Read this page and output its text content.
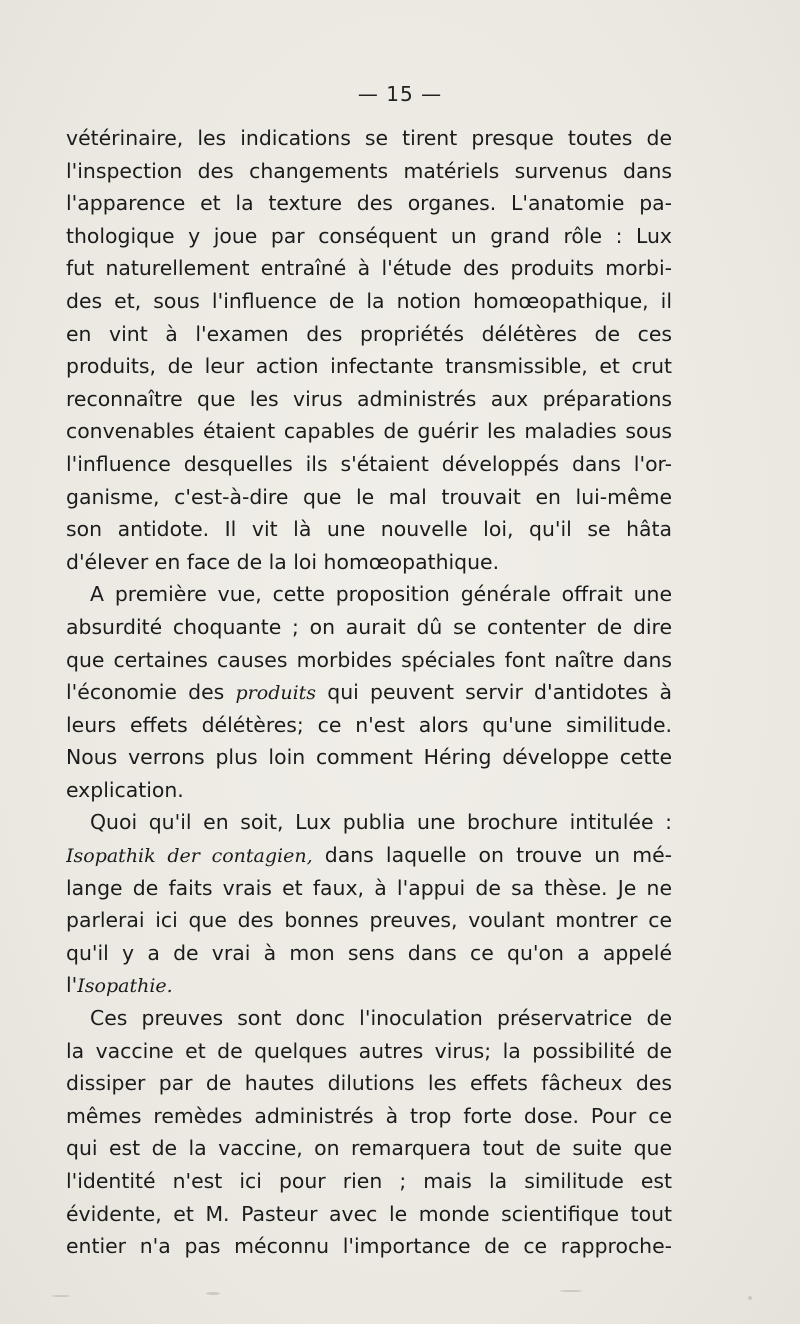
— 15 —
vétérinaire, les indications se tirent presque toutes de
l'inspection des changements matériels survenus dans
l'apparence et la texture des organes. L'anatomie pa-
thologique y joue par conséquent un grand rôle : Lux
fut naturellement entraîné à l'étude des produits morbi-
des et, sous l'influence de la notion homœopathique, il
en vint à l'examen des propriétés délétères de ces
produits, de leur action infectante transmissible, et crut
reconnaître que les virus administrés aux préparations
convenables étaient capables de guérir les maladies sous
l'influence desquelles ils s'étaient développés dans l'or-
ganisme, c'est-à-dire que le mal trouvait en lui-même
son antidote. Il vit là une nouvelle loi, qu'il se hâta
d'élever en face de la loi homœopathique.
A première vue, cette proposition générale offrait une
absurdité choquante ; on aurait dû se contenter de dire
que certaines causes morbides spéciales font naître dans
l'économie des produits qui peuvent servir d'antidotes à
leurs effets délétères; ce n'est alors qu'une similitude.
Nous verrons plus loin comment Héring développe cette
explication.
Quoi qu'il en soit, Lux publia une brochure intitulée :
Isopathik der contagien, dans laquelle on trouve un mé-
lange de faits vrais et faux, à l'appui de sa thèse. Je ne
parlerai ici que des bonnes preuves, voulant montrer ce
qu'il y a de vrai à mon sens dans ce qu'on a appelé
l'Isopathie.
Ces preuves sont donc l'inoculation préservatrice de
la vaccine et de quelques autres virus; la possibilité de
dissiper par de hautes dilutions les effets fâcheux des
mêmes remèdes administrés à trop forte dose. Pour ce
qui est de la vaccine, on remarquera tout de suite que
l'identité n'est ici pour rien ; mais la similitude est
évidente, et M. Pasteur avec le monde scientifique tout
entier n'a pas méconnu l'importance de ce rapproche-
